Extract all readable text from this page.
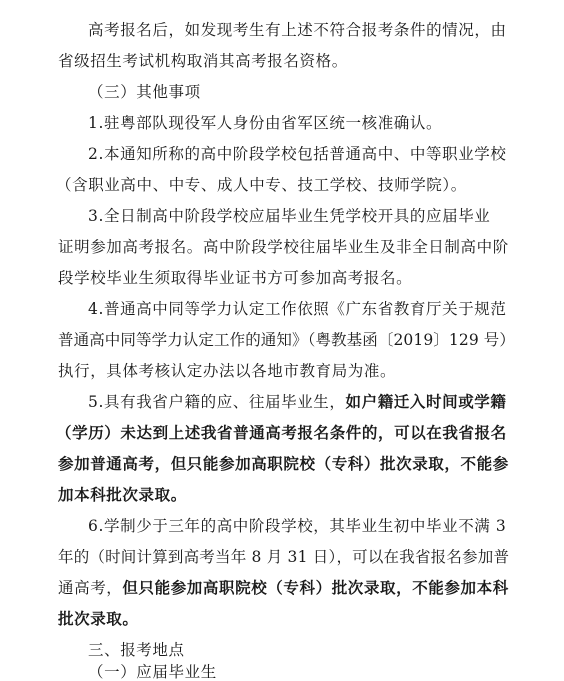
高考报名后，如发现考生有上述不符合报考条件的情况，由
省级招生考试机构取消其高考报名资格。
（三）其他事项
1.驻粤部队现役军人身份由省军区统一核准确认。
2.本通知所称的高中阶段学校包括普通高中、中等职业学校
（含职业高中、中专、成人中专、技工学校、技师学院）。
3.全日制高中阶段学校应届毕业生凭学校开具的应届毕业
证明参加高考报名。高中阶段学校往届毕业生及非全日制高中阶
段学校毕业生须取得毕业证书方可参加高考报名。
4.普通高中同等学力认定工作依照《广东省教育厅关于规范
普通高中同等学力认定工作的通知》（粤教基函〔2019〕129 号）
执行，具体考核认定办法以各地市教育局为准。
5.具有我省户籍的应、往届毕业生，如户籍迁入时间或学籍
（学历）未达到上述我省普通高考报名条件的，可以在我省报名
参加普通高考，但只能参加高职院校（专科）批次录取，不能参
加本科批次录取。
6.学制少于三年的高中阶段学校，其毕业生初中毕业不满 3
年的（时间计算到高考当年 8 月 31 日），可以在我省报名参加普
通高考，但只能参加高职院校（专科）批次录取，不能参加本科
批次录取。
三、报考地点
（一）应届毕业生
